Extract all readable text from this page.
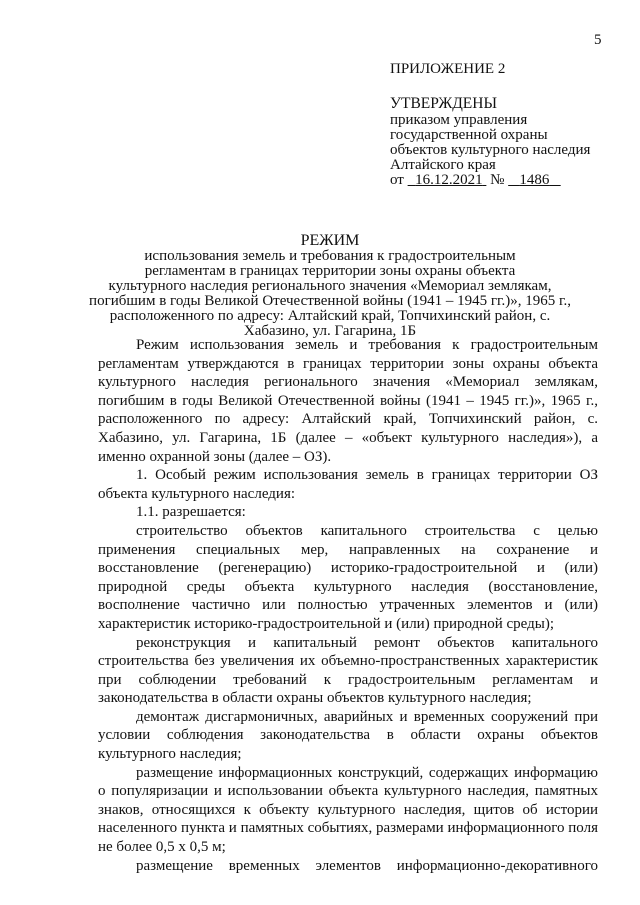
5
ПРИЛОЖЕНИЕ 2
УТВЕРЖДЕНЫ
приказом управления
государственной охраны
объектов культурного наследия
Алтайского края
от 16.12.2021 № 1486
РЕЖИМ
использования земель и требования к градостроительным
регламентам в границах территории зоны охраны объекта
культурного наследия регионального значения «Мемориал землякам,
погибшим в годы Великой Отечественной войны (1941 – 1945 гг.)», 1965 г.,
расположенного по адресу: Алтайский край, Топчихинский район, с.
Хабазино, ул. Гагарина, 1Б

Режим использования земель и требования к градостроительным регламентам утверждаются в границах территории зоны охраны объекта культурного наследия регионального значения «Мемориал землякам, погибшим в годы Великой Отечественной войны (1941 – 1945 гг.)», 1965 г., расположенного по адресу: Алтайский край, Топчихинский район, с. Хабазино, ул. Гагарина, 1Б (далее – «объект культурного наследия»), а именно охранной зоны (далее – ОЗ).

1. Особый режим использования земель в границах территории ОЗ объекта культурного наследия:

1.1. разрешается:

строительство объектов капитального строительства с целью применения специальных мер, направленных на сохранение и восстановление (регенерацию) историко-градостроительной и (или) природной среды объекта культурного наследия (восстановление, восполнение частично или полностью утраченных элементов и (или) характеристик историко-градостроительной и (или) природной среды);

реконструкция и капитальный ремонт объектов капитального строительства без увеличения их объемно-пространственных характеристик при соблюдении требований к градостроительным регламентам и законодательства в области охраны объектов культурного наследия;

демонтаж дисгармоничных, аварийных и временных сооружений при условии соблюдения законодательства в области охраны объектов культурного наследия;

размещение информационных конструкций, содержащих информацию о популяризации и использовании объекта культурного наследия, памятных знаков, относящихся к объекту культурного наследия, щитов об истории населенного пункта и памятных событиях, размерами информационного поля не более 0,5 х 0,5 м;

размещение временных элементов информационно-декоративного
